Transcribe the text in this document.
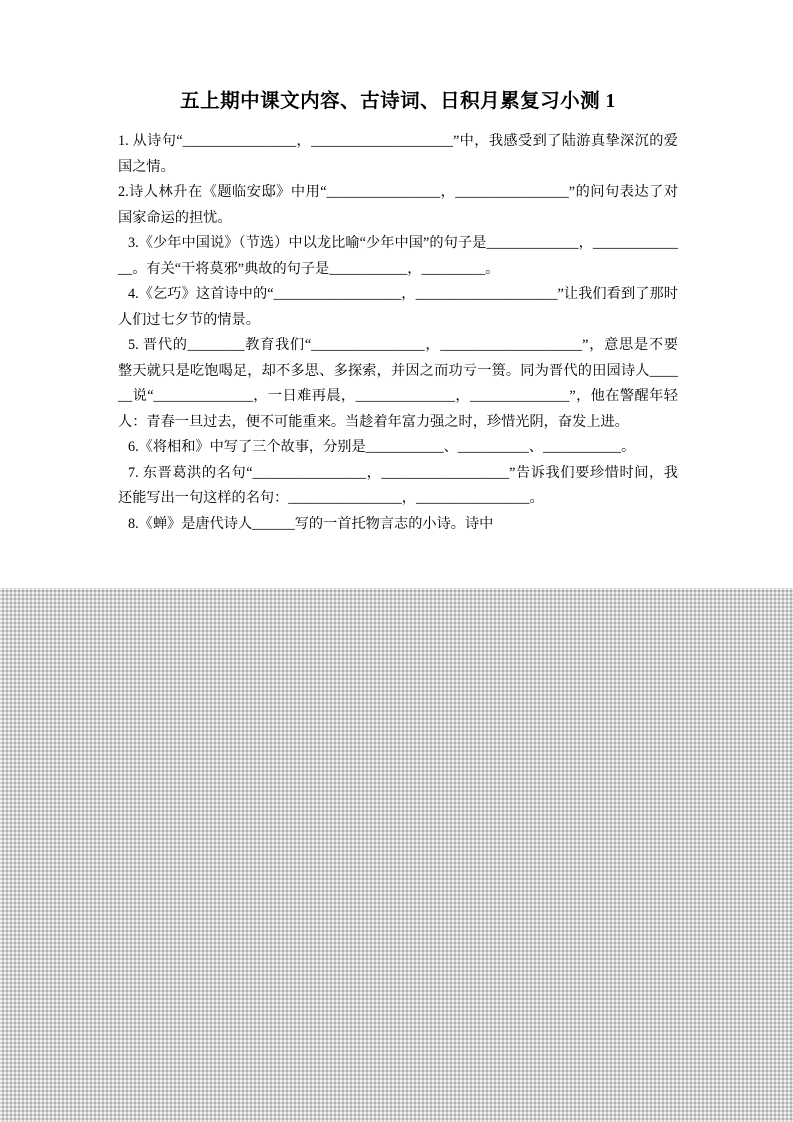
五上期中课文内容、古诗词、日积月累复习小测 1

1. 从诗句“________________，____________________”中，我感受到了陆游真挚深沉的爱国之情。

2.诗人林升在《题临安邸》中用“________________，________________”的问句表达了对国家命运的担忧。

3.《少年中国说》（节选）中以龙比喻“少年中国”的句子是_____________，______________。有关“干将莫邪”典故的句子是___________，_________。

4.《乞巧》这首诗中的“__________________，____________________”让我们看到了那时人们过七夕节的情景。

5. 晋代的________教育我们“________________，____________________”，意思是不要整天就只是吃饱喝足，却不多思、多探索，并因之而功亏一篑。同为晋代的田园诗人______说“______________，一日难再晨，______________，______________”，他在警醒年轻人：青春一旦过去，便不可能重来。当趁着年富力强之时，珍惜光阴，奋发上进。

6.《将相和》中写了三个故事，分别是___________、__________、___________。

7. 东晋葛洪的名句“________________，__________________”告诉我们要珍惜时间，我还能写出一句这样的名句：________________，________________。

8.《蝉》是唐代诗人______写的一首托物言志的小诗。诗中
